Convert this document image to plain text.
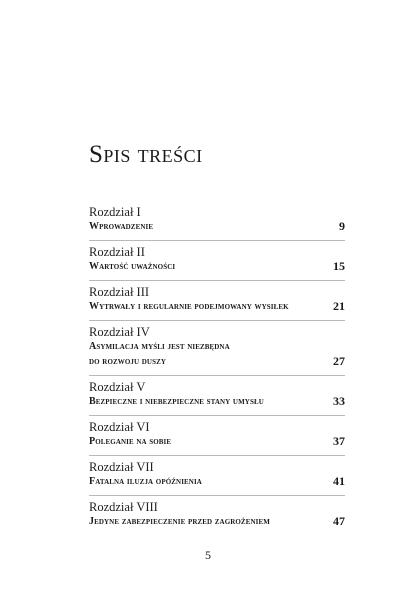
Spis treści
Rozdział I
Wprowadzenie	9
Rozdział II
Wartość uważności	15
Rozdział III
Wytrwały i regularnie podejmowany wysiłek	21
Rozdział IV
Asymilacja myśli jest niezbędna
do rozwoju duszy	27
Rozdział V
Bezpieczne i niebezpieczne stany umysłu	33
Rozdział VI
Poleganie na sobie	37
Rozdział VII
Fatalna iluzja opóźnienia	41
Rozdział VIII
Jedyne zabezpieczenie przed zagrożeniem	47
5
